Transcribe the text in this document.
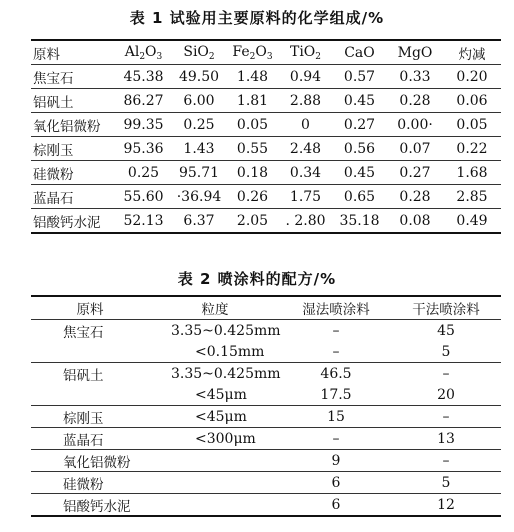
表 1 试验用主要原料的化学组成/%
原料	$Al_2O_3$	SiO$_2$	$Fe_2O_3$	TiO$_2$	CaO	MgO	灼减
焦宝石	45.38	49.50	1.48	0.94	0.57	0.33	0.20
铝矾土	86.27	6.00	1.81	2.88	0.45	0.28	0.06
氧化铝微粉	99.35	0.25	0.05	0	0.27	0.00·	0.05
棕刚玉	95.36	1.43	0.55	2.48	0.56	0.07	0.22
硅微粉	0.25	95.71	0.18	0.34	0.45	0.27	1.68
蓝晶石	55.60	·36.94	0.26	1.75	0.65	0.28	2.85
铝酸钙水泥	52.13	6.37	2.05	. 2.80	35.18	0.08	0.49
表 2 喷涂料的配方/%
原料	粒度	湿法喷涂料	干法喷涂料
焦宝石	3.35~0.425mm	–	45
	<0.15mm	–	5
铝矾土	3.35~0.425mm	46.5	–
	<45μm	17.5	20
棕刚玉	<45μm	15	–
蓝晶石	<300μm	–	13
氧化铝微粉		9	–
硅微粉		6	5
铝酸钙水泥		6	12
